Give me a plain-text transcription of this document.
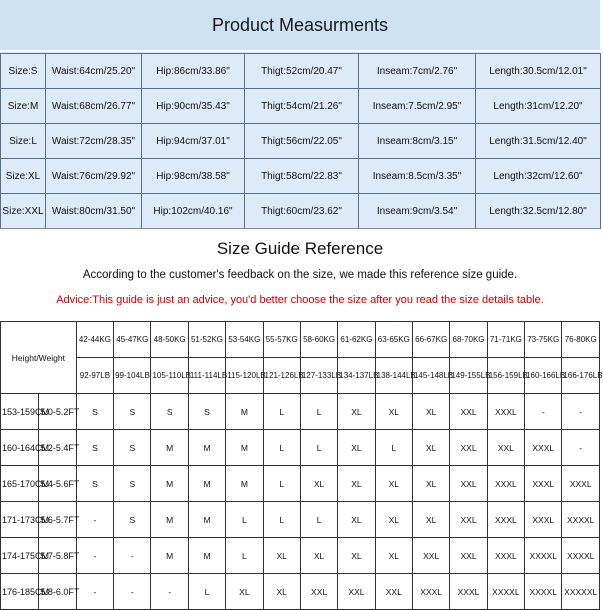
Product Measurments
Size:S	Waist:64cm/25.20"	Hip:86cm/33.86"	Thigt:52cm/20.47"	Inseam:7cm/2.76"	Length:30.5cm/12.01"
Size:M	Waist:68cm/26.77"	Hip:90cm/35.43"	Thigt:54cm/21.26"	Inseam:7.5cm/2.95"	Length:31cm/12.20"
Size:L	Waist:72cm/28.35"	Hip:94cm/37.01"	Thigt:56cm/22.05"	Inseam:8cm/3.15"	Length:31.5cm/12.40"
Size:XL	Waist:76cm/29.92"	Hip:98cm/38.58"	Thigt:58cm/22.83"	Inseam:8.5cm/3.35"	Length:32cm/12.60"
Size:XXL	Waist:80cm/31.50"	Hip:102cm/40.16"	Thigt:60cm/23.62"	Inseam:9cm/3.54"	Length:32.5cm/12.80"
Size Guide Reference
According to the customer's feedback on the size, we made this reference size guide.
Advice:This guide is just an advice, you'd better choose the size after you read the size details table.
Height/Weight		42-44KG	45-47KG	48-50KG	51-52KG	53-54KG	55-57KG	58-60KG	61-62KG	63-65KG	66-67KG	68-70KG	71-71KG	73-75KG	76-80KG
		92-97LB	99-104LB	105-110LB	111-114LB	115-120LB	121-126LB	127-133LB	134-137LB	138-144LB	145-148LB	149-155LB	156-159LB	160-166LB	166-176LB
153-159CM	5.0-5.2FT	S	S	S	S	M	L	L	XL	XL	XL	XXL	XXXL	-	-
160-164CM	5.2-5.4FT	S	S	M	M	M	L	L	XL	L	XL	XXL	XXL	XXXL	-
165-170CM	5.4-5.6FT	S	S	M	M	M	L	XL	XL	XL	XL	XXL	XXXL	XXXL	XXXL
171-173CM	5.6-5.7FT	-	S	M	M	L	L	L	XL	XL	XL	XXL	XXXL	XXXL	XXXXL
174-175CM	5.7-5.8FT	-	-	M	M	L	XL	XL	XL	XL	XXL	XXL	XXXL	XXXXL	XXXXL
176-185CM	5.8-6.0FT	-	-	-	L	XL	XL	XXL	XXL	XXL	XXXL	XXXL	XXXXL	XXXXL	XXXXXL
